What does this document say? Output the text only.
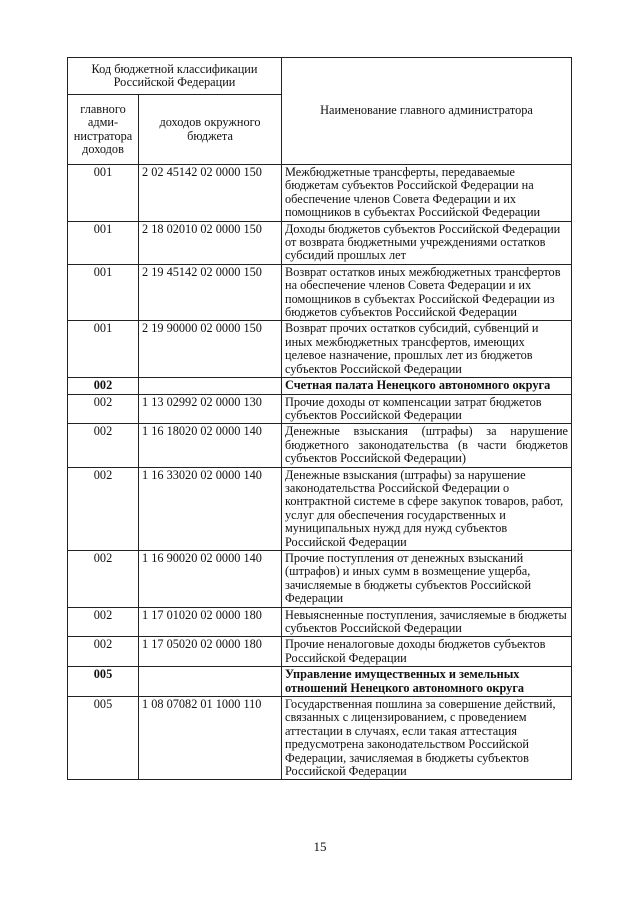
Код бюджетной классификации Российской Федерации		Наименование главного администратора
главного адми-нистратора доходов	доходов окружного бюджета	
001	2 02 45142 02 0000 150	Межбюджетные трансферты, передаваемые бюджетам субъектов Российской Федерации на обеспечение членов Совета Федерации и их помощников в субъектах Российской Федерации
001	2 18 02010 02 0000 150	Доходы бюджетов субъектов Российской Федерации от возврата бюджетными учреждениями остатков субсидий прошлых лет
001	2 19 45142 02 0000 150	Возврат остатков иных межбюджетных трансфертов на обеспечение членов Совета Федерации и их помощников в субъектах Российской Федерации из бюджетов субъектов Российской Федерации
001	2 19 90000 02 0000 150	Возврат прочих остатков субсидий, субвенций и иных межбюджетных трансфертов, имеющих целевое назначение, прошлых лет из бюджетов субъектов Российской Федерации
002		Счетная палата Ненецкого автономного округа
002	1 13 02992 02 0000 130	Прочие доходы от компенсации затрат бюджетов субъектов Российской Федерации
002	1 16 18020 02 0000 140	Денежные взыскания (штрафы) за нарушение бюджетного законодательства (в части бюджетов субъектов Российской Федерации)
002	1 16 33020 02 0000 140	Денежные взыскания (штрафы) за нарушение законодательства Российской Федерации о контрактной системе в сфере закупок товаров, работ, услуг для обеспечения государственных и муниципальных нужд для нужд субъектов Российской Федерации
002	1 16 90020 02 0000 140	Прочие поступления от денежных взысканий (штрафов) и иных сумм в возмещение ущерба, зачисляемые в бюджеты субъектов Российской Федерации
002	1 17 01020 02 0000 180	Невыясненные поступления, зачисляемые в бюджеты субъектов Российской Федерации
002	1 17 05020 02 0000 180	Прочие неналоговые доходы бюджетов субъектов Российской Федерации
005		Управление имущественных и земельных отношений Ненецкого автономного округа
005	1 08 07082 01 1000 110	Государственная пошлина за совершение действий, связанных с лицензированием, с проведением аттестации в случаях, если такая аттестация предусмотрена законодательством Российской Федерации, зачисляемая в бюджеты субъектов Российской Федерации
15
